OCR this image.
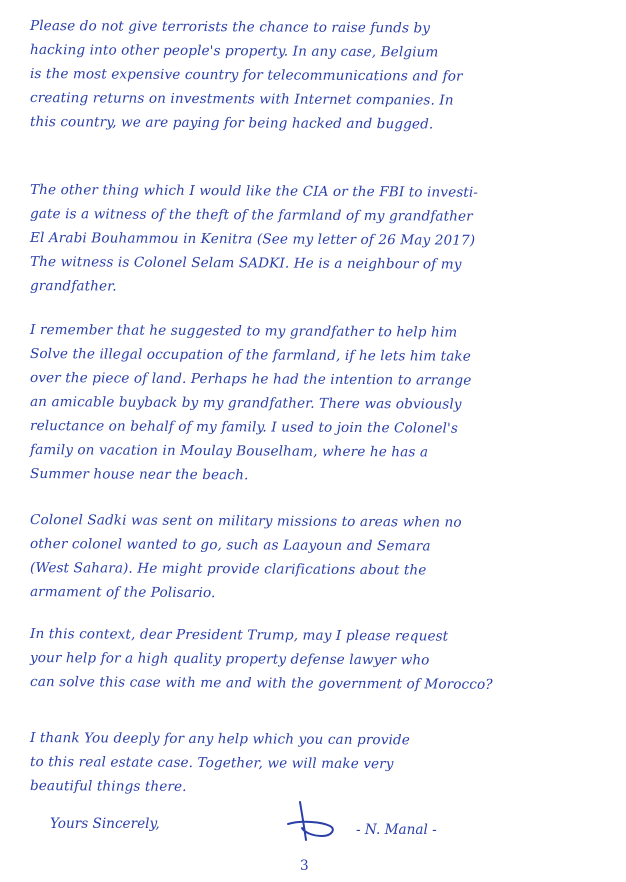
Please do not give terrorists the chance to raise funds by
hacking into other people's property. In any case, Belgium
is the most expensive country for telecommunications and for
creating returns on investments with Internet companies. In
this country, we are paying for being hacked and bugged.
The other thing which I would like the CIA or the FBI to investi-
gate is a witness of the theft of the farmland of my grandfather
El Arabi Bouhammou in Kenitra (See my letter of 26 May 2017)
The witness is Colonel Selam SADKI. He is a neighbour of my
grandfather.
I remember that he suggested to my grandfather to help him
Solve the illegal occupation of the farmland, if he lets him take
over the piece of land. Perhaps he had the intention to arrange
an amicable buyback by my grandfather. There was obviously
reluctance on behalf of my family. I used to join the Colonel's
family on vacation in Moulay Bouselham, where he has a
Summer house near the beach.
Colonel Sadki was sent on military missions to areas when no
other colonel wanted to go, such as Laayoun and Semara
(West Sahara). He might provide clarifications about the
armament of the Polisario.
In this context, dear President Trump, may I please request
your help for a high quality property defense lawyer who
can solve this case with me and with the government of Morocco?
I thank You deeply for any help which you can provide
to this real estate case. Together, we will make very
beautiful things there.

Yours Sincerely,	- N. Manal -
3
